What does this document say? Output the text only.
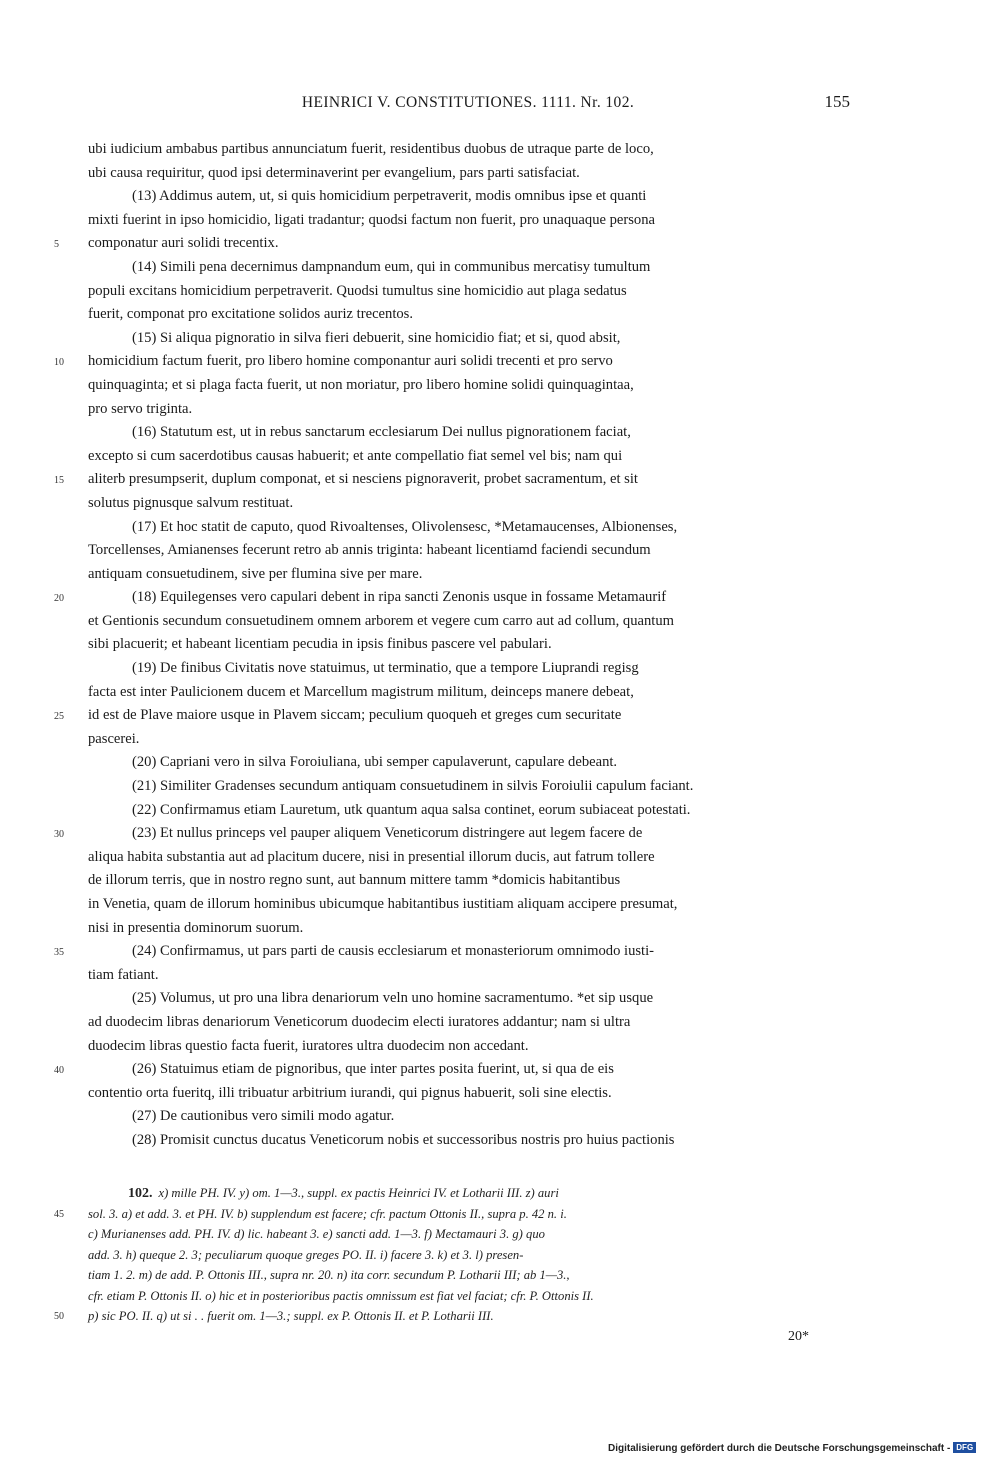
HEINRICI V. CONSTITUTIONES. 1111. Nr. 102.	155
ubi iudicium ambabus partibus annunciatum fuerit, residentibus duobus de utraque parte de loco,
ubi causa requiritur, quod ipsi determinaverint per evangelium, pars parti satisfaciat.
(13) Addimus autem, ut, si quis homicidium perpetraverit, modis omnibus ipse et quanti
mixti fuerint in ipso homicidio, ligati tradantur; quodsi factum non fuerit, pro unaquaque persona
5	componatur auri solidi trecentix.
(14) Simili pena decernimus dampnandum eum, qui in communibus mercatisy tumultum
populi excitans homicidium perpetraverit. Quodsi tumultus sine homicidio aut plaga sedatus
fuerit, componat pro excitatione solidos auriz trecentos.
(15) Si aliqua pignoratio in silva fieri debuerit, sine homicidio fiat; et si, quod absit,
10	homicidium factum fuerit, pro libero homine componantur auri solidi trecenti et pro servo
quinquaginta; et si plaga facta fuerit, ut non moriatur, pro libero homine solidi quinquagintaa,
pro servo triginta.
(16) Statutum est, ut in rebus sanctarum ecclesiarum Dei nullus pignorationem faciat,
excepto si cum sacerdotibus causas habuerit; et ante compellatio fiat semel vel bis; nam qui
15	aliterb presumpserit, duplum componat, et si nesciens pignoraverit, probet sacramentum, et sit
solutus pignusque salvum restituat.
(17) Et hoc statit de caputo, quod Rivoaltenses, Olivolensesc, *Metamaucenses, Albionenses,
Torcellenses, Amianenses fecerunt retro ab annis triginta: habeant licentiamd faciendi secundum
antiquam consuetudinem, sive per flumina sive per mare.
20	(18) Equilegenses vero capulari debent in ripa sancti Zenonis usque in fossame Metamaurif
et Gentionis secundum consuetudinem omnem arborem et vegere cum carro aut ad collum, quantum
sibi placuerit; et habeant licentiam pecudia in ipsis finibus pascere vel pabulari.
(19) De finibus Civitatis nove statuimus, ut terminatio, que a tempore Liuprandi regisg
facta est inter Paulicionem ducem et Marcellum magistrum militum, deinceps manere debeat,
25	id est de Plave maiore usque in Plavem siccam; peculium quoqueh et greges cum securitate
pascerei.
(20) Capriani vero in silva Foroiuliana, ubi semper capulaverunt, capulare debeant.
(21) Similiter Gradenses secundum antiquam consuetudinem in silvis Foroiulii capulum faciant.
(22) Confirmamus etiam Lauretum, utk quantum aqua salsa continet, eorum subiaceat potestati.
30	(23) Et nullus princeps vel pauper aliquem Veneticorum distringere aut legem facere de
aliqua habita substantia aut ad placitum ducere, nisi in presential illorum ducis, aut fatrum tollere
de illorum terris, que in nostro regno sunt, aut bannum mittere tamm *domicis habitantibus
in Venetia, quam de illorum hominibus ubicumque habitantibus iustitiam aliquam accipere presumat,
nisi in presentia dominorum suorum.
35	(24) Confirmamus, ut pars parti de causis ecclesiarum et monasteriorum omnimodo iusti-
tiam fatiant.
(25) Volumus, ut pro una libra denariorum veln uno homine sacramentumo. *et sip usque
ad duodecim libras denariorum Veneticorum duodecim electi iuratores addantur; nam si ultra
duodecim libras questio facta fuerit, iuratores ultra duodecim non accedant.
40	(26) Statuimus etiam de pignoribus, que inter partes posita fuerint, ut, si qua de eis
contentio orta fueritq, illi tribuatur arbitrium iurandi, qui pignus habuerit, soli sine electis.
(27) De cautionibus vero simili modo agatur.
(28) Promisit cunctus ducatus Veneticorum nobis et successoribus nostris pro huius pactionis
102. x) mille PH. IV. y) om. 1—3., suppl. ex pactis Heinrici IV. et Lotharii III. z) auri
45	sol. 3. a) et add. 3. et PH. IV. b) supplendum est facere; cfr. pactum Ottonis II., supra p. 42 n. i.
c) Murianenses add. PH. IV. d) lic. habeant 3. e) sancti add. 1—3. f) Mectamauri 3. g) quo
add. 3. h) queque 2. 3; peculiarum quoque greges PO. II. i) facere 3. k) et 3. l) presen-
tiam 1. 2. m) de add. P. Ottonis III., supra nr. 20. n) ita corr. secundum P. Lotharii III; ab 1—3.,
cfr. etiam P. Ottonis II. o) hic et in posterioribus pactis omnissum est fiat vel faciat; cfr. P. Ottonis II.
50	p) sic PO. II. q) ut si . . fuerit om. 1—3.; suppl. ex P. Ottonis II. et P. Lotharii III.
20*
Digitalisierung gefördert durch die Deutsche Forschungsgemeinschaft - DFG
